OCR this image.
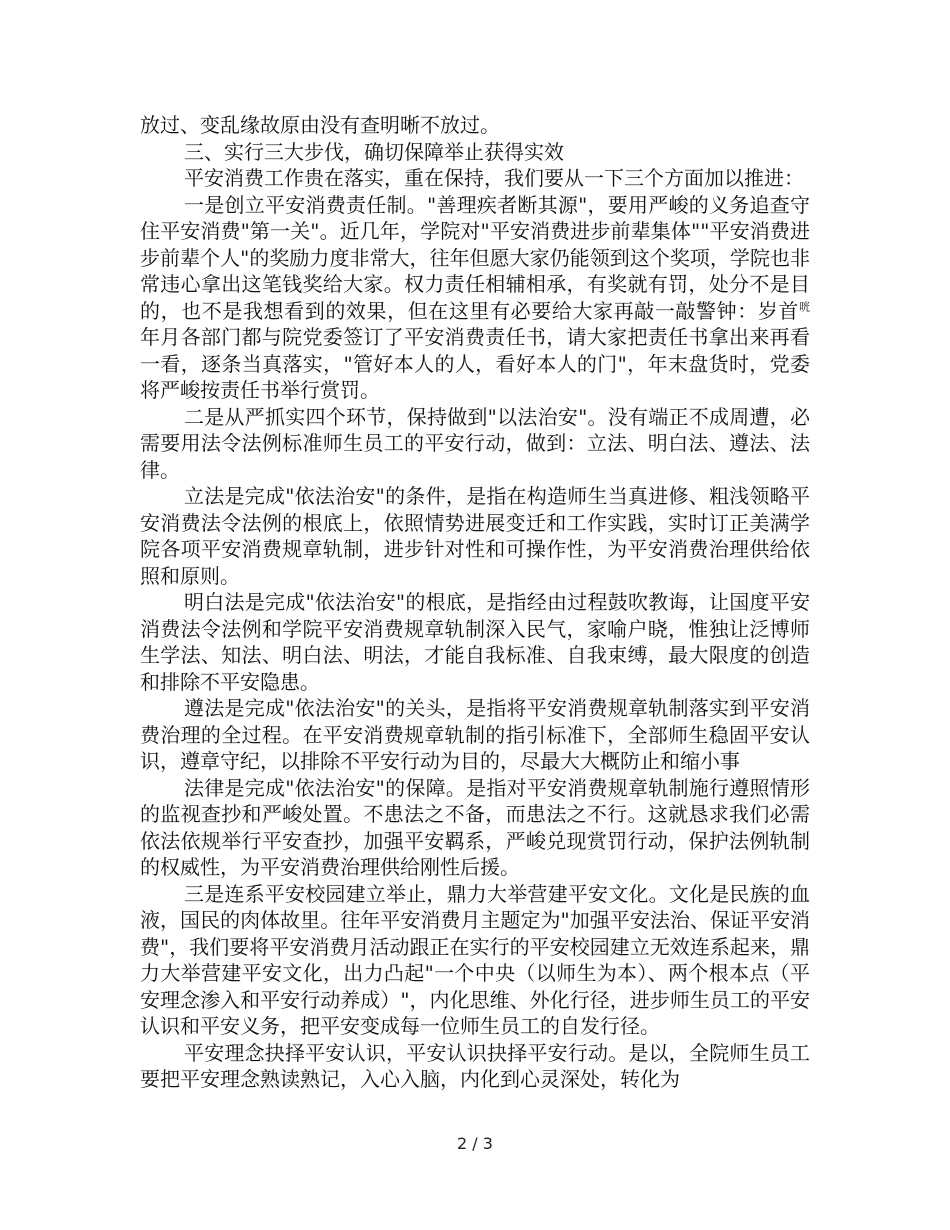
放过、变乱缘故原由没有查明晰不放过。

三、实行三大步伐，确切保障举止获得实效

平安消费工作贵在落实，重在保持，我们要从一下三个方面加以推进：

一是创立平安消费责任制。"善理疾者断其源"，要用严峻的义务追查守住平安消费"第一关"。近几年，学院对"平安消费进步前辈集体""平安消费进步前辈个人"的奖励力度非常大，往年但愿大家仍能领到这个奖项，学院也非常违心拿出这笔钱奖给大家。权力责任相辅相承，有奖就有罚，处分不是目的，也不是我想看到的效果，但在这里有必要给大家再敲一敲警钟：岁首$^咣$年月各部门都与院党委签订了平安消费责任书，请大家把责任书拿出来再看一看，逐条当真落实，"管好本人的人，看好本人的门"，年末盘货时，党委将严峻按责任书举行赏罚。

二是从严抓实四个环节，保持做到"以法治安"。没有端正不成周遭，必需要用法令法例标准师生员工的平安行动，做到：立法、明白法、遵法、法律。

立法是完成"依法治安"的条件，是指在构造师生当真进修、粗浅领略平安消费法令法例的根底上，依照情势进展变迁和工作实践，实时订正美满学院各项平安消费规章轨制，进步针对性和可操作性，为平安消费治理供给依照和原则。

明白法是完成"依法治安"的根底，是指经由过程鼓吹教诲，让国度平安消费法令法例和学院平安消费规章轨制深入民气，家喻户晓，惟独让泛博师生学法、知法、明白法、明法，才能自我标准、自我束缚，最大限度的创造和排除不平安隐患。

遵法是完成"依法治安"的关头，是指将平安消费规章轨制落实到平安消费治理的全过程。在平安消费规章轨制的指引标准下，全部师生稳固平安认识，遵章守纪，以排除不平安行动为目的，尽最大大概防止和缩小事

法律是完成"依法治安"的保障。是指对平安消费规章轨制施行遵照情形的监视查抄和严峻处置。不患法之不备，而患法之不行。这就恳求我们必需依法依规举行平安查抄，加强平安羁系，严峻兑现赏罚行动，保护法例轨制的权威性，为平安消费治理供给刚性后援。

三是连系平安校园建立举止，鼎力大举营建平安文化。文化是民族的血液，国民的肉体故里。往年平安消费月主题定为"加强平安法治、保证平安消费"，我们要将平安消费月活动跟正在实行的平安校园建立无效连系起来，鼎力大举营建平安文化，出力凸起"一个中央（以师生为本）、两个根本点（平安理念渗入和平安行动养成）"，内化思维、外化行径，进步师生员工的平安认识和平安义务，把平安变成每一位师生员工的自发行径。

平安理念抉择平安认识，平安认识抉择平安行动。是以，全院师生员工要把平安理念熟读熟记，入心入脑，内化到心灵深处，转化为

2 / 3
